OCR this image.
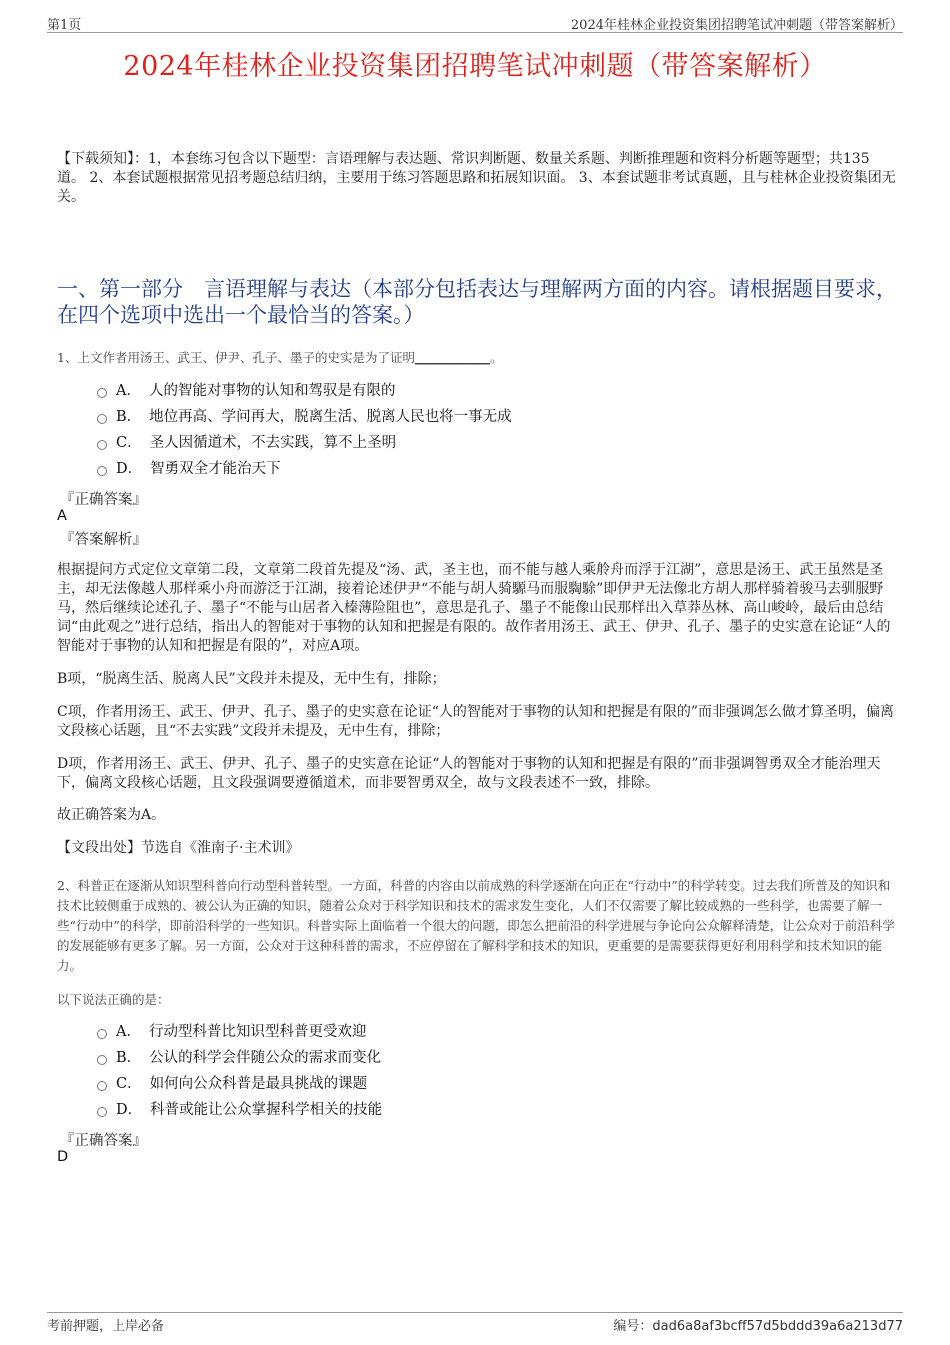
第1页	2024年桂林企业投资集团招聘笔试冲刺题（带答案解析）
2024年桂林企业投资集团招聘笔试冲刺题（带答案解析）
【下载须知】：1，本套练习包含以下题型：言语理解与表达题、常识判断题、数量关系题、判断推理题和资料分析题等题型；共135道。 2、本套试题根据常见招考题总结归纳，主要用于练习答题思路和拓展知识面。 3、本套试题非考试真题，且与桂林企业投资集团无关。
一、第一部分　言语理解与表达（本部分包括表达与理解两方面的内容。请根据题目要求，在四个选项中选出一个最恰当的答案。）
1、上文作者用汤王、武王、伊尹、孔子、墨子的史实是为了证明____________。
A． 人的智能对事物的认知和驾驭是有限的
B． 地位再高、学问再大，脱离生活、脱离人民也将一事无成
C． 圣人因循道术，不去实践，算不上圣明
D． 智勇双全才能治天下
『正确答案』
A
『答案解析』
根据提问方式定位文章第二段，文章第二段首先提及“汤、武，圣主也，而不能与越人乘舲舟而浮于江湖”，意思是汤王、武王虽然是圣主，却无法像越人那样乘小舟而游泛于江湖，接着论述伊尹“不能与胡人骑騵马而服騊駼”即伊尹无法像北方胡人那样骑着骏马去驯服野马，然后继续论述孔子、墨子“不能与山居者入榛薄险阻也”，意思是孔子、墨子不能像山民那样出入草莽丛林、高山峻岭，最后由总结词“由此观之”进行总结，指出人的智能对于事物的认知和把握是有限的。故作者用汤王、武王、伊尹、孔子、墨子的史实意在论证“人的智能对于事物的认知和把握是有限的”，对应A项。
B项，“脱离生活、脱离人民”文段并未提及，无中生有，排除；
C项，作者用汤王、武王、伊尹、孔子、墨子的史实意在论证“人的智能对于事物的认知和把握是有限的”而非强调怎么做才算圣明，偏离文段核心话题，且“不去实践”文段并未提及，无中生有，排除；
D项，作者用汤王、武王、伊尹、孔子、墨子的史实意在论证“人的智能对于事物的认知和把握是有限的”而非强调智勇双全才能治理天下，偏离文段核心话题，且文段强调要遵循道术，而非要智勇双全，故与文段表述不一致，排除。
故正确答案为A。
【文段出处】节选自《淮南子·主术训》
2、科普正在逐渐从知识型科普向行动型科普转型。一方面，科普的内容由以前成熟的科学逐渐在向正在“行动中”的科学转变。过去我们所普及的知识和技术比较侧重于成熟的、被公认为正确的知识，随着公众对于科学知识和技术的需求发生变化，人们不仅需要了解比较成熟的一些科学，也需要了解一些“行动中”的科学，即前沿科学的一些知识。科普实际上面临着一个很大的问题，即怎么把前沿的科学进展与争论向公众解释清楚，让公众对于前沿科学的发展能够有更多了解。另一方面，公众对于这种科普的需求，不应停留在了解科学和技术的知识，更重要的是需要获得更好利用科学和技术知识的能力。
以下说法正确的是：
A． 行动型科普比知识型科普更受欢迎
B． 公认的科学会伴随公众的需求而变化
C． 如何向公众科普是最具挑战的课题
D． 科普或能让公众掌握科学相关的技能
『正确答案』
D
考前押题，上岸必备	编号：dad6a8af3bcff57d5bddd39a6a213d77
